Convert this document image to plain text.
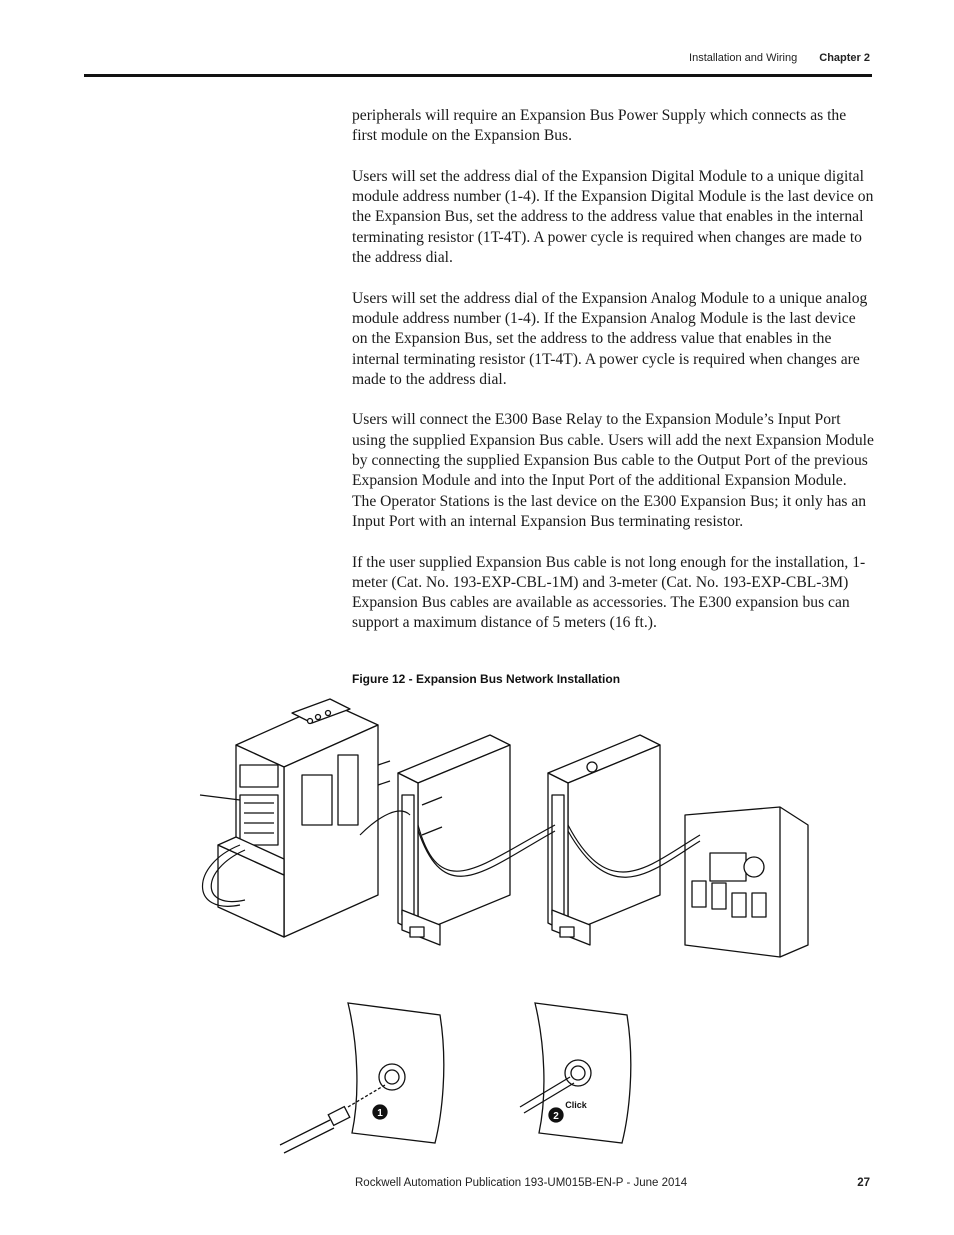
Installation and Wiring Chapter 2

peripherals will require an Expansion Bus Power Supply which connects as the first module on the Expansion Bus.

Users will set the address dial of the Expansion Digital Module to a unique digital module address number (1-4). If the Expansion Digital Module is the last device on the Expansion Bus, set the address to the address value that enables in the internal terminating resistor (1T-4T). A power cycle is required when changes are made to the address dial.

Users will set the address dial of the Expansion Analog Module to a unique analog module address number (1-4). If the Expansion Analog Module is the last device on the Expansion Bus, set the address to the address value that enables in the internal terminating resistor (1T-4T). A power cycle is required when changes are made to the address dial.

Users will connect the E300 Base Relay to the Expansion Module’s Input Port using the supplied Expansion Bus cable. Users will add the next Expansion Module by connecting the supplied Expansion Bus cable to the Output Port of the previous Expansion Module and into the Input Port of the additional Expansion Module. The Operator Stations is the last device on the E300 Expansion Bus; it only has an Input Port with an internal Expansion Bus terminating resistor.

If the user supplied Expansion Bus cable is not long enough for the installation, 1-meter (Cat. No. 193-EXP-CBL-1M) and 3-meter (Cat. No. 193-EXP-CBL-3M) Expansion Bus cables are available as accessories. The E300 expansion bus can support a maximum distance of 5 meters (16 ft.).

Figure 12 - Expansion Bus Network Installation
1
Click
2
Rockwell Automation Publication 193-UM015B-EN-P - June 2014	27
